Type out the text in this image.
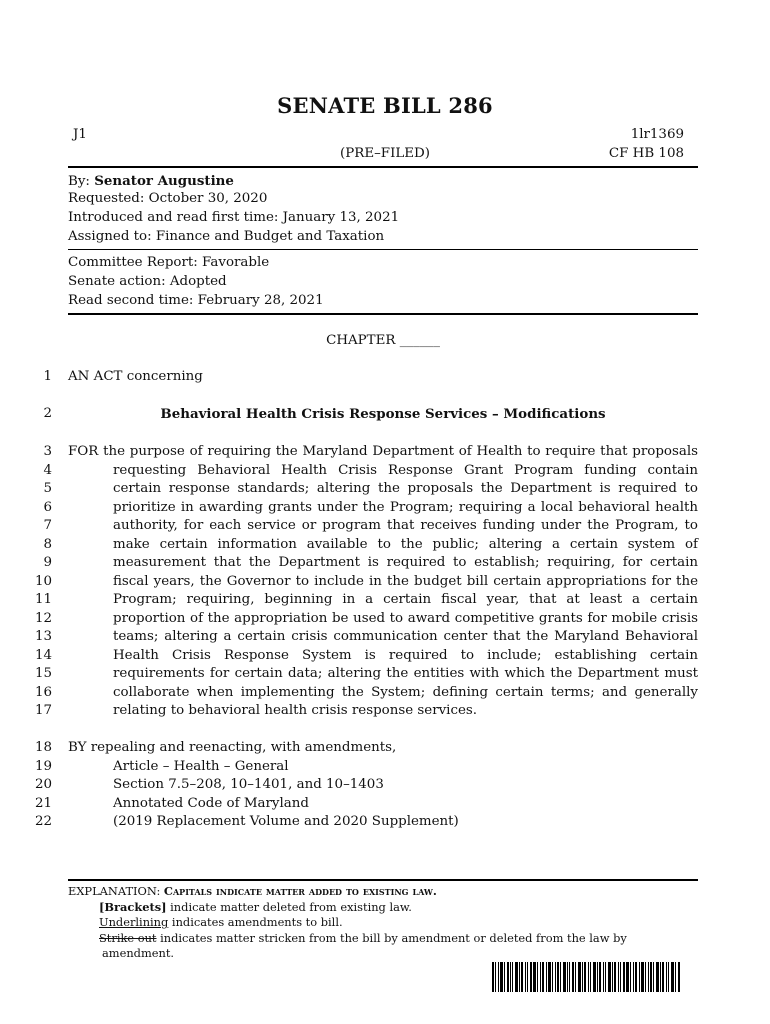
SENATE BILL 286
J1	1lr1369
(PRE–FILED)	CF HB 108
By: Senator Augustine
Requested: October 30, 2020
Introduced and read first time: January 13, 2021
Assigned to: Finance and Budget and Taxation
Committee Report: Favorable
Senate action: Adopted
Read second time: February 28, 2021
CHAPTER ______
1 AN ACT concerning
2	Behavioral Health Crisis Response Services – Modifications
3 FOR the purpose of requiring the Maryland Department of Health to require that proposals
4	requesting Behavioral Health Crisis Response Grant Program funding contain
5	certain response standards; altering the proposals the Department is required to
6	prioritize in awarding grants under the Program; requiring a local behavioral health
7	authority, for each service or program that receives funding under the Program, to
8	make certain information available to the public; altering a certain system of
9	measurement that the Department is required to establish; requiring, for certain
10	fiscal years, the Governor to include in the budget bill certain appropriations for the
11	Program; requiring, beginning in a certain fiscal year, that at least a certain
12	proportion of the appropriation be used to award competitive grants for mobile crisis
13	teams; altering a certain crisis communication center that the Maryland Behavioral
14	Health Crisis Response System is required to include; establishing certain
15	requirements for certain data; altering the entities with which the Department must
16	collaborate when implementing the System; defining certain terms; and generally
17	relating to behavioral health crisis response services.
18 BY repealing and reenacting, with amendments,
19	Article – Health – General
20	Section 7.5–208, 10–1401, and 10–1403
21	Annotated Code of Maryland
22	(2019 Replacement Volume and 2020 Supplement)
EXPLANATION: Capitals indicate matter added to existing law.
[Brackets] indicate matter deleted from existing law.
Underlining indicates amendments to bill.
Strike out indicates matter stricken from the bill by amendment or deleted from the law by
amendment.
